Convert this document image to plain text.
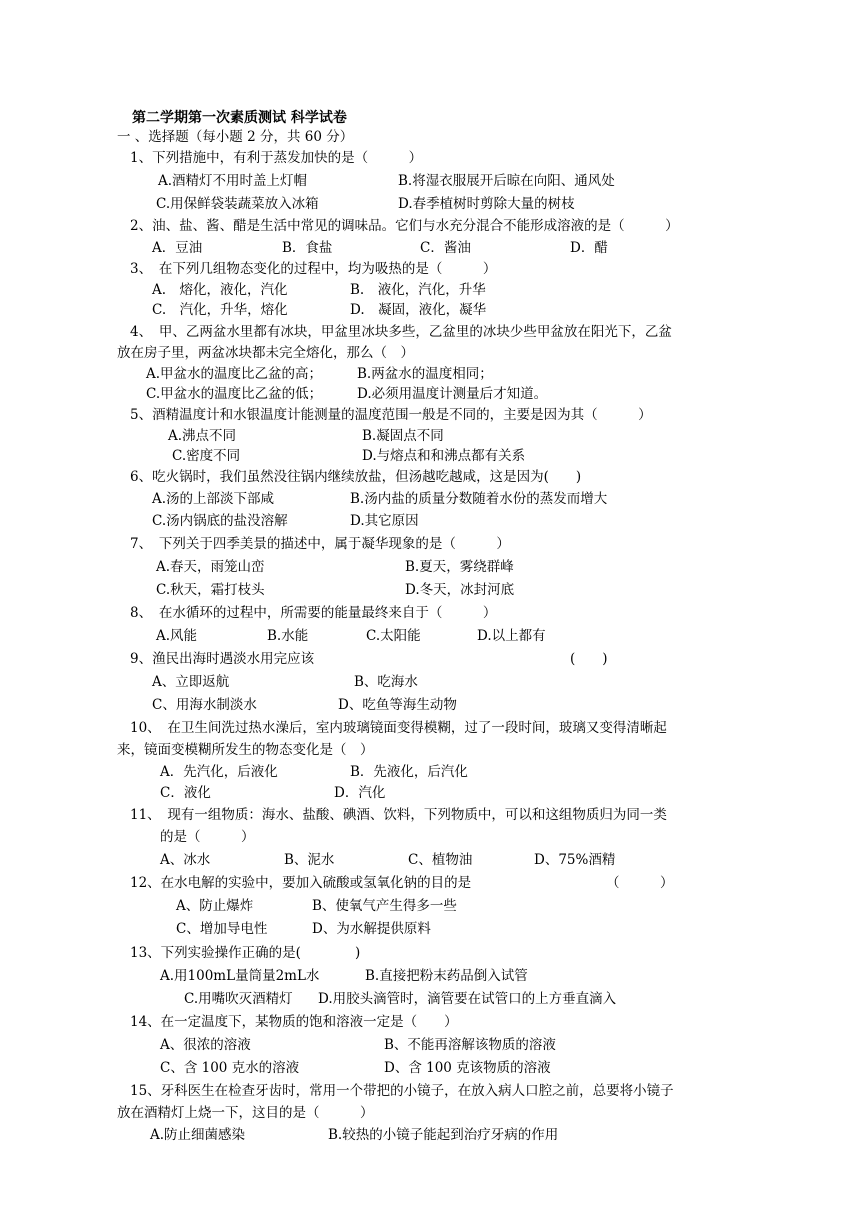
第二学期第一次素质测试 科学试卷
一 、选择题（每小题 2 分，共 60 分）
1、下列措施中，有利于蒸发加快的是（　　　）
A.酒精灯不用时盖上灯帽	B.将湿衣服展开后晾在向阳、通风处
C.用保鲜袋装蔬菜放入冰箱	D.春季植树时剪除大量的树枝
2、油、盐、酱、醋是生活中常见的调味品。它们与水充分混合不能形成溶液的是（　　　）
A．豆油	B．食盐	C．酱油	D．醋
3、　在下列几组物态变化的过程中，均为吸热的是（　　　）
A.　熔化，液化，汽化	B.　液化，汽化，升华
C.　汽化，升华，熔化	D.　凝固，液化，凝华
4、　甲、乙两盆水里都有冰块，甲盆里冰块多些，乙盆里的冰块少些甲盆放在阳光下，乙盆
放在房子里，两盆冰块都未完全熔化，那么（　）
A.甲盆水的温度比乙盆的高；	B.两盆水的温度相同；
C.甲盆水的温度比乙盆的低；	D.必须用温度计测量后才知道。
5、酒精温度计和水银温度计能测量的温度范围一般是不同的，主要是因为其（　　　）
A.沸点不同	B.凝固点不同
C.密度不同	D.与熔点和和沸点都有关系
6、吃火锅时，我们虽然没往锅内继续放盐，但汤越吃越咸，这是因为(　　)
A.汤的上部淡下部咸	B.汤内盐的质量分数随着水份的蒸发而增大
C.汤内锅底的盐没溶解	D.其它原因
7、　下列关于四季美景的描述中，属于凝华现象的是（　　　）
A.春天，雨笼山峦	B.夏天，雾绕群峰
C.秋天，霜打枝头	D.冬天，冰封河底
8、　在水循环的过程中，所需要的能量最终来自于（　　　）
A.风能	B.水能	C.太阳能	D.以上都有
9、渔民出海时遇淡水用完应该	(　　)
A、立即返航	B、吃海水
C、用海水制淡水	D、吃鱼等海生动物
10、　在卫生间洗过热水澡后，室内玻璃镜面变得模糊，过了一段时间，玻璃又变得清晰起
来，镜面变模糊所发生的物态变化是（　）
A．先汽化，后液化	B．先液化，后汽化
C．液化	D．汽化
11、　现有一组物质：海水、盐酸、碘酒、饮料，下列物质中，可以和这组物质归为同一类
的是（　　　）
A、冰水	B、泥水	C、植物油	D、75%酒精
12、在水电解的实验中，要加入硫酸或氢氧化钠的目的是	（　　　）
A、防止爆炸	B、使氧气产生得多一些
C、增加导电性	D、为水解提供原料
13、下列实验操作正确的是(　　　　)
A.用100mL量筒量2mL水	B.直接把粉末药品倒入试管
C.用嘴吹灭酒精灯 D.用胶头滴管时，滴管要在试管口的上方垂直滴入
14、在一定温度下，某物质的饱和溶液一定是（　　）
A、很浓的溶液	B、不能再溶解该物质的溶液
C、含 100 克水的溶液	D、含 100 克该物质的溶液
15、牙科医生在检查牙齿时，常用一个带把的小镜子，在放入病人口腔之前，总要将小镜子
放在酒精灯上烧一下，这目的是（　　　）
A.防止细菌感染	B.较热的小镜子能起到治疗牙病的作用
